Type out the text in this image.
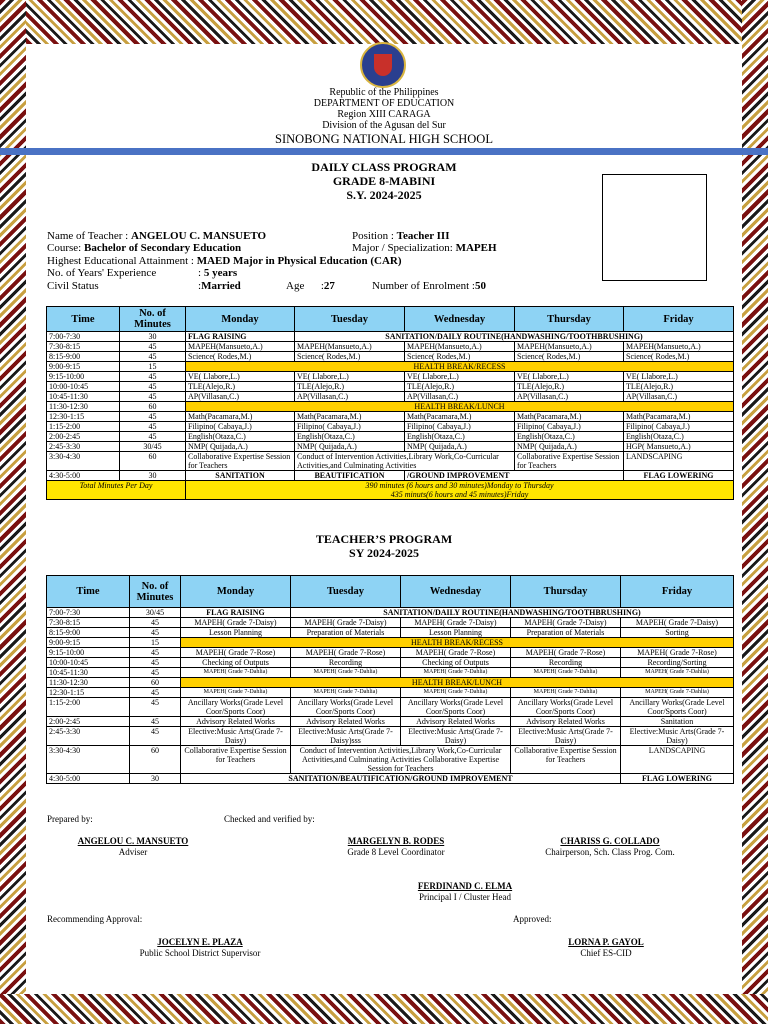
Republic of the Philippines
DEPARTMENT OF EDUCATION
Region XIII CARAGA
Division of the Agusan del Sur
SINOBONG NATIONAL HIGH SCHOOL
DAILY CLASS PROGRAM
GRADE 8-MABINI
S.Y. 2024-2025
Name of Teacher : ANGELOU C. MANSUETO	Position : Teacher III
Course: Bachelor of Secondary Education	Major / Specialization: MAPEH
Highest Educational Attainment : MAED Major in Physical Education (CAR)
No. of Years' Experience	: 5 years
Civil Status	:Married	Age :27	Number of Enrolment :50
Time	No. of Minutes	Monday	Tuesday	Wednesday	Thursday	Friday
7:00-7:30	30	FLAG RAISING	SANITATION/DAILY ROUTINE(HANDWASHING/TOOTHBRUSHING)			
7:30-8:15	45	MAPEH(Mansueto,A.)	MAPEH(Mansueto,A.)	MAPEH(Mansueto,A.)	MAPEH(Mansueto,A.)	MAPEH(Mansueto,A.)
8:15-9:00	45	Science( Rodes,M.)	Science( Rodes,M.)	Science( Rodes,M.)	Science( Rodes,M.)	Science( Rodes,M.)
9:00-9:15	15	HEALTH BREAK/RECESS				
9:15-10:00	45	VE( Llabore,L.)	VE( Llabore,L.)	VE( Llabore,L.)	VE( Llabore,L.)	VE( Llabore,L.)
10:00-10:45	45	TLE(Alejo,R.)	TLE(Alejo,R.)	TLE(Alejo,R.)	TLE(Alejo,R.)	TLE(Alejo,R.)
10:45-11:30	45	AP(Villasan,C.)	AP(Villasan,C.)	AP(Villasan,C.)	AP(Villasan,C.)	AP(Villasan,C.)
11:30-12:30	60	HEALTH BREAK/LUNCH				
12:30-1:15	45	Math(Pacamara,M.)	Math(Pacamara,M.)	Math(Pacamara,M.)	Math(Pacamara,M.)	Math(Pacamara,M.)
1:15-2:00	45	Filipino( Cabaya,J.)	Filipino( Cabaya,J.)	Filipino( Cabaya,J.)	Filipino( Cabaya,J.)	Filipino( Cabaya,J.)
2:00-2:45	45	English(Otaza,C.)	English(Otaza,C.)	English(Otaza,C.)	English(Otaza,C.)	English(Otaza,C.)
2:45-3:30	30/45	NMP( Quijada,A.)	NMP( Quijada,A.)	NMP( Quijada,A.)	NMP( Quijada,A.)	HGP( Mansueto,A.)
3:30-4:30	60	Collaborative Expertise Session for Teachers	Conduct of Intervention Activities,Library Work,Co-Curricular Activities,and Culminating Activities		Collaborative Expertise Session for Teachers	LANDSCAPING
4:30-5:00	30	SANITATION	BEAUTIFICATION	/GROUND IMPROVEMENT		FLAG LOWERING
Total Minutes Per Day		390 minutes (6 hours and 30 minutes)Monday to Thursday
435 minuts(6 hours and 45 minutes)Friday				
TEACHER’S PROGRAM
SY 2024-2025
Time	No. of Minutes	Monday	Tuesday	Wednesday	Thursday	Friday
7:00-7:30	30/45	FLAG RAISING	SANITATION/DAILY ROUTINE(HANDWASHING/TOOTHBRUSHING)			
7:30-8:15	45	MAPEH( Grade 7-Daisy)	MAPEH( Grade 7-Daisy)	MAPEH( Grade 7-Daisy)	MAPEH( Grade 7-Daisy)	MAPEH( Grade 7-Daisy)
8:15-9:00	45	Lesson Planning	Preparation of Materials	Lesson Planning	Preparation of Materials	Sorting
9:00-9:15	15	HEALTH BREAK/RECESS				
9:15-10:00	45	MAPEH( Grade 7-Rose)	MAPEH( Grade 7-Rose)	MAPEH( Grade 7-Rose)	MAPEH( Grade 7-Rose)	MAPEH( Grade 7-Rose)
10:00-10:45	45	Checking of Outputs	Recording	Checking of Outputs	Recording	Recording/Sorting
10:45-11:30	45	MAPEH( Grade 7-Dahlia)	MAPEH( Grade 7-Dahlia)	MAPEH( Grade 7-Dahlia)	MAPEH( Grade 7-Dahlia)	MAPEH( Grade 7-Dahlia)
11:30-12:30	60	HEALTH BREAK/LUNCH				
12:30-1:15	45	MAPEH( Grade 7-Dahlia)	MAPEH( Grade 7-Dahlia)	MAPEH( Grade 7-Dahlia)	MAPEH( Grade 7-Dahlia)	MAPEH( Grade 7-Dahlia)
1:15-2:00	45	Ancillary Works(Grade Level Coor/Sports Coor)	Ancillary Works(Grade Level Coor/Sports Coor)	Ancillary Works(Grade Level Coor/Sports Coor)	Ancillary Works(Grade Level Coor/Sports Coor)	Ancillary Works(Grade Level Coor/Sports Coor)
2:00-2:45	45	Advisory Related Works	Advisory Related Works	Advisory Related Works	Advisory Related Works	Sanitation
2:45-3:30	45	Elective:Music Arts(Grade 7-Daisy)	Elective:Music Arts(Grade 7-Daisy)sss	Elective:Music Arts(Grade 7-Daisy)	Elective:Music Arts(Grade 7-Daisy)	Elective:Music Arts(Grade 7-Daisy)
3:30-4:30	60	Collaborative Expertise Session for Teachers	Conduct of Intervention Activities,Library Work,Co-Curricular Activities,and Culminating Activities Collaborative Expertise Session for Teachers		Collaborative Expertise Session for Teachers	LANDSCAPING
4:30-5:00	30	SANITATION/BEAUTIFICATION/GROUND IMPROVEMENT				FLAG LOWERING
Prepared by:	Checked and verified by:
ANGELOU C. MANSUETO
Adviser
MARGELYN B. RODES
Grade 8 Level Coordinator
CHARISS G. COLLADO
Chairperson, Sch. Class Prog. Com.
FERDINAND C. ELMA
Principal I / Cluster Head
Recommending Approval:	Approved:
JOCELYN E. PLAZA
Public School District Supervisor
LORNA P. GAYOL
Chief ES-CID
